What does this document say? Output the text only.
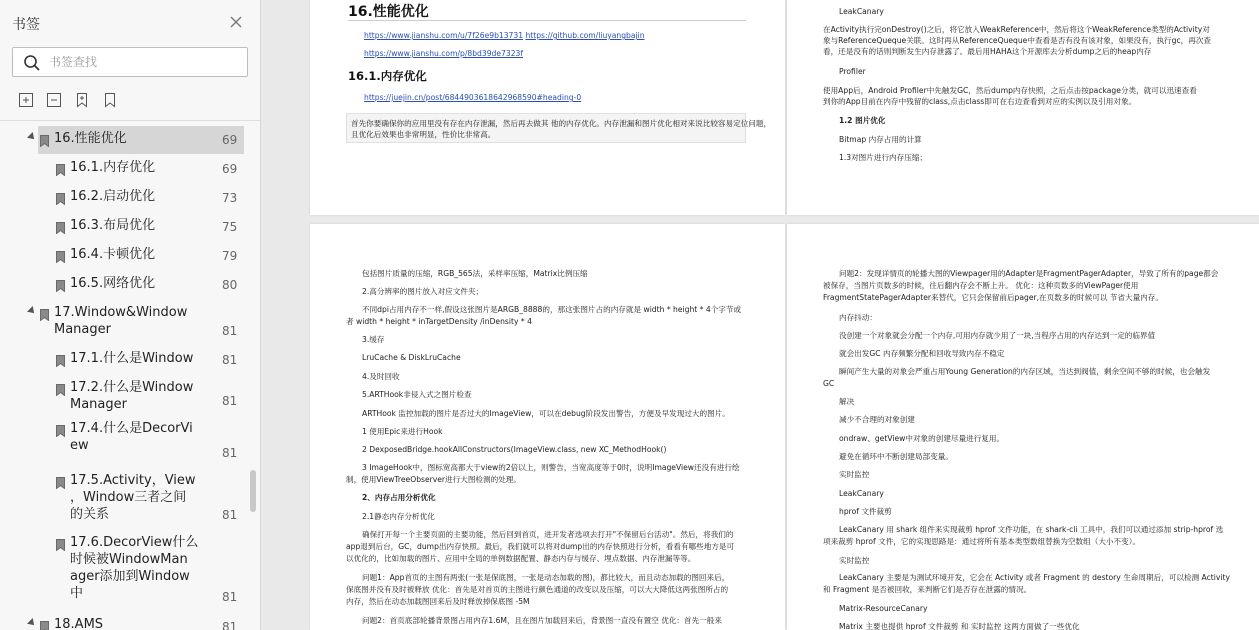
书签
书签查找
16.性能优化	69
16.1.内存优化	69
16.2.启动优化	73
16.3.布局优化	75
16.4.卡顿优化	79
16.5.网络优化	80
17.Window&Window
Manager	81
17.1.什么是Window 81
17.2.什么是Window
Manager	81
17.4.什么是DecorVi
ew	81
17.5.Activity，View
，Window三者之间
的关系	81
17.6.DecorView什么
时候被WindowMan
ager添加到Window
中	81
18.AMS	81
16.性能优化
https://www.jianshu.com/u/7f26e9b13731 https://github.com/liuyangbajin
https://www.jianshu.com/p/8bd39de7323f
16.1.内存优化
https://juejin.cn/post/6844903618642968590#heading-0
首先你要确保你的应用里没有存在内存泄漏，然后再去做其 他的内存优化。内存泄漏和图片优化相对来说比较容易定位问题，
且优化后效果也非常明显，性价比非常高。
LeakCanary
在Activity执行完onDestroy()之后，将它放入WeakReference中，然后将这个WeakReference类型的Activity对
象与ReferenceQueque关联。这时再从ReferenceQueque中查看是否有没有该对象，如果没有，执行gc，再次查
看，还是没有的话则判断发生内存泄露了。最后用HAHA这个开源库去分析dump之后的heap内存
Profiler
使用App后，Android Profiler中先触发GC，然后dump内存快照，之后点击按package分类，就可以迅速查看
到你的App目前在内存中残留的class,点击class即可在右边查看到对应的实例以及引用对象。
1.2 图片优化
Bitmap 内存占用的计算
1.3对图片进行内存压缩；
包括图片质量的压缩，RGB_565法，采样率压缩，Matrix比例压缩
2.高分辨率的图片放入对应文件夹；
不同dpi占用内存不一样,假设这张图片是ARGB_8888的，那这张图片占的内存就是 width * height * 4个字节或
者 width * height * inTargetDensity /inDensity * 4
3.缓存
LruCache & DiskLruCache
4.及时回收
5.ARTHook非侵入式之图片检查
ARTHook 监控加载的图片是否过大的ImageView，可以在debug阶段发出警告，方便及早发现过大的图片。
1 使用Epic来进行Hook
2 DexposedBridge.hookAllConstructors(ImageView.class, new XC_MethodHook()
3 ImageHook中，图标宽高都大于view的2倍以上，则警告，当宽高度等于0时，说明ImageView还没有进行绘
制，使用ViewTreeObserver进行大图检测的处理。
2、内存占用分析优化
2.1静态内存分析优化
确保打开每一个主要页面的主要功能，然后回到首页，进开发者选项去打开"不保留后台活动"。然后，将我们的
app退到后台，GC，dump出内存快照。最后，我们就可以将对dump出的内存快照进行分析，看看有哪些地方是可
以优化的，比如加载的图片、应用中全局的单例数据配置、静态内存与缓存、埋点数据、内存泄漏等等。
问题1：App首页的主图有两张(一张是保底图，一张是动态加载的图)，都比较大，而且动态加载的图回来后，
保底图并没有及时被释放 优化：首先是对首页的主图进行颜色通道的改变以及压缩，可以大大降低这两张图所占的
内存，然后在动态加载图回来后及时释放掉保底图 -5M
问题2：首页底部轮播背景图占用内存1.6M，且在图片加载回来后，背景图一直没有置空 优化：首先一般来
问题2：发现详情页的轮播大图的Viewpager用的Adapter是FragmentPagerAdapter，导致了所有的page都会
被保存，当图片页数多的时候，往后翻内存会不断上升。 优化：这种页数多的ViewPager使用
FragmentStatePagerAdapter来替代，它只会保留前后pager,在页数多的时候可以 节省大量内存。
内存抖动：
没创建一个对象就会分配一个内存,可用内存就少用了一块,当程序占用的内存达到一定的临界值
就会出发GC 内存频繁分配和回收导致内存不稳定
瞬间产生大量的对象会严重占用Young Generation的内存区域，当达到阀值，剩余空间不够的时候，也会触发
GC
解决
减少不合理的对象创建
ondraw、getView中对象的创建尽量进行复用。
避免在循环中不断创建局部变量。
实时监控
LeakCanary
hprof 文件裁剪
LeakCanary 用 shark 组件来实现裁剪 hprof 文件功能，在 shark-cli 工具中，我们可以通过添加 strip-hprof 选
项来裁剪 hprof 文件，它的实现思路是：通过将所有基本类型数组替换为空数组（大小不变）。
实时监控
LeakCanary 主要是为测试环境开发，它会在 Activity 或者 Fragment 的 destory 生命周期后，可以检测 Activity
和 Fragment 是否被回收，来判断它们是否存在泄露的情况。
Matrix-ResourceCanary
Matrix 主要也提供 hprof 文件裁剪 和 实时监控 这两方面做了一些优化
